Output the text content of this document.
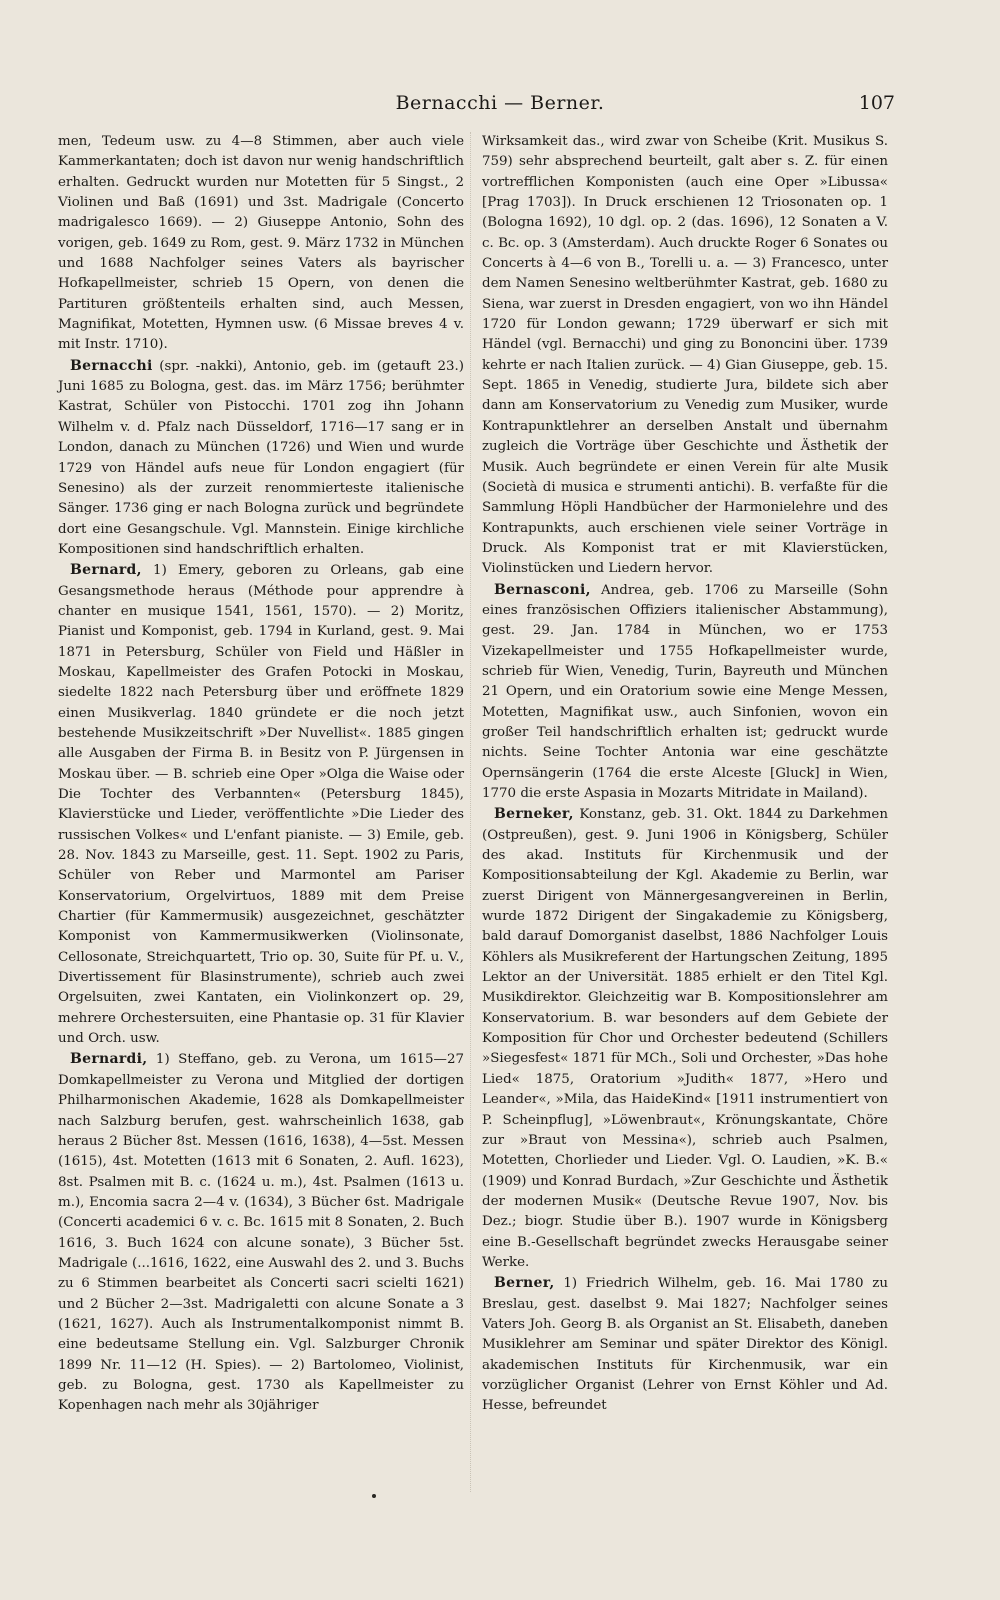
Bernacchi — Berner.	107

men, Tedeum usw. zu 4—8 Stimmen, aber auch viele Kammerkantaten; doch ist davon nur wenig handschriftlich erhalten. Gedruckt wurden nur Motetten für 5 Singst., 2 Violinen und Baß (1691) und 3st. Madrigale (Concerto madrigalesco 1669). — 2) Giuseppe Antonio, Sohn des vorigen, geb. 1649 zu Rom, gest. 9. März 1732 in München und 1688 Nachfolger seines Vaters als bayrischer Hofkapellmeister, schrieb 15 Opern, von denen die Partituren größtenteils erhalten sind, auch Messen, Magnifikat, Motetten, Hymnen usw. (6 Missae breves 4 v. mit Instr. 1710).

Bernacchi (spr. -nakki), Antonio, geb. im (getauft 23.) Juni 1685 zu Bologna, gest. das. im März 1756; berühmter Kastrat, Schüler von Pistocchi. 1701 zog ihn Johann Wilhelm v. d. Pfalz nach Düsseldorf, 1716—17 sang er in London, danach zu München (1726) und Wien und wurde 1729 von Händel aufs neue für London engagiert (für Senesino) als der zurzeit renommierteste italienische Sänger. 1736 ging er nach Bologna zurück und begründete dort eine Gesangschule. Vgl. Mannstein. Einige kirchliche Kompositionen sind handschriftlich erhalten.

Bernard, 1) Emery, geboren zu Orleans, gab eine Gesangsmethode heraus (Méthode pour apprendre à chanter en musique 1541, 1561, 1570). — 2) Moritz, Pianist und Komponist, geb. 1794 in Kurland, gest. 9. Mai 1871 in Petersburg, Schüler von Field und Häßler in Moskau, Kapellmeister des Grafen Potocki in Moskau, siedelte 1822 nach Petersburg über und eröffnete 1829 einen Musikverlag. 1840 gründete er die noch jetzt bestehende Musikzeitschrift »Der Nuvellist«. 1885 gingen alle Ausgaben der Firma B. in Besitz von P. Jürgensen in Moskau über. — B. schrieb eine Oper »Olga die Waise oder Die Tochter des Verbannten« (Petersburg 1845), Klavierstücke und Lieder, veröffentlichte »Die Lieder des russischen Volkes« und L'enfant pianiste. — 3) Emile, geb. 28. Nov. 1843 zu Marseille, gest. 11. Sept. 1902 zu Paris, Schüler von Reber und Marmontel am Pariser Konservatorium, Orgelvirtuos, 1889 mit dem Preise Chartier (für Kammermusik) ausgezeichnet, geschätzter Komponist von Kammermusikwerken (Violinsonate, Cellosonate, Streichquartett, Trio op. 30, Suite für Pf. u. V., Divertissement für Blasinstrumente), schrieb auch zwei Orgelsuiten, zwei Kantaten, ein Violinkonzert op. 29, mehrere Orchestersuiten, eine Phantasie op. 31 für Klavier und Orch. usw.

Bernardi, 1) Steffano, geb. zu Verona, um 1615—27 Domkapellmeister zu Verona und Mitglied der dortigen Philharmonischen Akademie, 1628 als Domkapellmeister nach Salzburg berufen, gest. wahrscheinlich 1638, gab heraus 2 Bücher 8st. Messen (1616, 1638), 4—5st. Messen (1615), 4st. Motetten (1613 mit 6 Sonaten, 2. Aufl. 1623), 8st. Psalmen mit B. c. (1624 u. m.), 4st. Psalmen (1613 u. m.), Encomia sacra 2—4 v. (1634), 3 Bücher 6st. Madrigale (Concerti academici 6 v. c. Bc. 1615 mit 8 Sonaten, 2. Buch 1616, 3. Buch 1624 con alcune sonate), 3 Bücher 5st. Madrigale (...1616, 1622, eine Auswahl des 2. und 3. Buchs zu 6 Stimmen bearbeitet als Concerti sacri scielti 1621) und 2 Bücher 2—3st. Madrigaletti con alcune Sonate a 3 (1621, 1627). Auch als Instrumentalkomponist nimmt B. eine bedeutsame Stellung ein. Vgl. Salzburger Chronik 1899 Nr. 11—12 (H. Spies). — 2) Bartolomeo, Violinist, geb. zu Bologna, gest. 1730 als Kapellmeister zu Kopenhagen nach mehr als 30jähriger

Wirksamkeit das., wird zwar von Scheibe (Krit. Musikus S. 759) sehr absprechend beurteilt, galt aber s. Z. für einen vortrefflichen Komponisten (auch eine Oper »Libussa« [Prag 1703]). In Druck erschienen 12 Triosonaten op. 1 (Bologna 1692), 10 dgl. op. 2 (das. 1696), 12 Sonaten a V. c. Bc. op. 3 (Amsterdam). Auch druckte Roger 6 Sonates ou Concerts à 4—6 von B., Torelli u. a. — 3) Francesco, unter dem Namen Senesino weltberühmter Kastrat, geb. 1680 zu Siena, war zuerst in Dresden engagiert, von wo ihn Händel 1720 für London gewann; 1729 überwarf er sich mit Händel (vgl. Bernacchi) und ging zu Bononcini über. 1739 kehrte er nach Italien zurück. — 4) Gian Giuseppe, geb. 15. Sept. 1865 in Venedig, studierte Jura, bildete sich aber dann am Konservatorium zu Venedig zum Musiker, wurde Kontrapunktlehrer an derselben Anstalt und übernahm zugleich die Vorträge über Geschichte und Ästhetik der Musik. Auch begründete er einen Verein für alte Musik (Società di musica e strumenti antichi). B. verfaßte für die Sammlung Höpli Handbücher der Harmonielehre und des Kontrapunkts, auch erschienen viele seiner Vorträge in Druck. Als Komponist trat er mit Klavierstücken, Violinstücken und Liedern hervor.

Bernasconi, Andrea, geb. 1706 zu Marseille (Sohn eines französischen Offiziers italienischer Abstammung), gest. 29. Jan. 1784 in München, wo er 1753 Vizekapellmeister und 1755 Hofkapellmeister wurde, schrieb für Wien, Venedig, Turin, Bayreuth und München 21 Opern, und ein Oratorium sowie eine Menge Messen, Motetten, Magnifikat usw., auch Sinfonien, wovon ein großer Teil handschriftlich erhalten ist; gedruckt wurde nichts. Seine Tochter Antonia war eine geschätzte Opernsängerin (1764 die erste Alceste [Gluck] in Wien, 1770 die erste Aspasia in Mozarts Mitridate in Mailand).

Berneker, Konstanz, geb. 31. Okt. 1844 zu Darkehmen (Ostpreußen), gest. 9. Juni 1906 in Königsberg, Schüler des akad. Instituts für Kirchenmusik und der Kompositionsabteilung der Kgl. Akademie zu Berlin, war zuerst Dirigent von Männergesangvereinen in Berlin, wurde 1872 Dirigent der Singakademie zu Königsberg, bald darauf Domorganist daselbst, 1886 Nachfolger Louis Köhlers als Musikreferent der Hartungschen Zeitung, 1895 Lektor an der Universität. 1885 erhielt er den Titel Kgl. Musikdirektor. Gleichzeitig war B. Kompositionslehrer am Konservatorium. B. war besonders auf dem Gebiete der Komposition für Chor und Orchester bedeutend (Schillers »Siegesfest« 1871 für MCh., Soli und Orchester, »Das hohe Lied« 1875, Oratorium »Judith« 1877, »Hero und Leander«, »Mila, das HaideKind« [1911 instrumentiert von P. Scheinpflug], »Löwenbraut«, Krönungskantate, Chöre zur »Braut von Messina«), schrieb auch Psalmen, Motetten, Chorlieder und Lieder. Vgl. O. Laudien, »K. B.« (1909) und Konrad Burdach, »Zur Geschichte und Ästhetik der modernen Musik« (Deutsche Revue 1907, Nov. bis Dez.; biogr. Studie über B.). 1907 wurde in Königsberg eine B.-Gesellschaft begründet zwecks Herausgabe seiner Werke.

Berner, 1) Friedrich Wilhelm, geb. 16. Mai 1780 zu Breslau, gest. daselbst 9. Mai 1827; Nachfolger seines Vaters Joh. Georg B. als Organist an St. Elisabeth, daneben Musiklehrer am Seminar und später Direktor des Königl. akademischen Instituts für Kirchenmusik, war ein vorzüglicher Organist (Lehrer von Ernst Köhler und Ad. Hesse, befreundet
